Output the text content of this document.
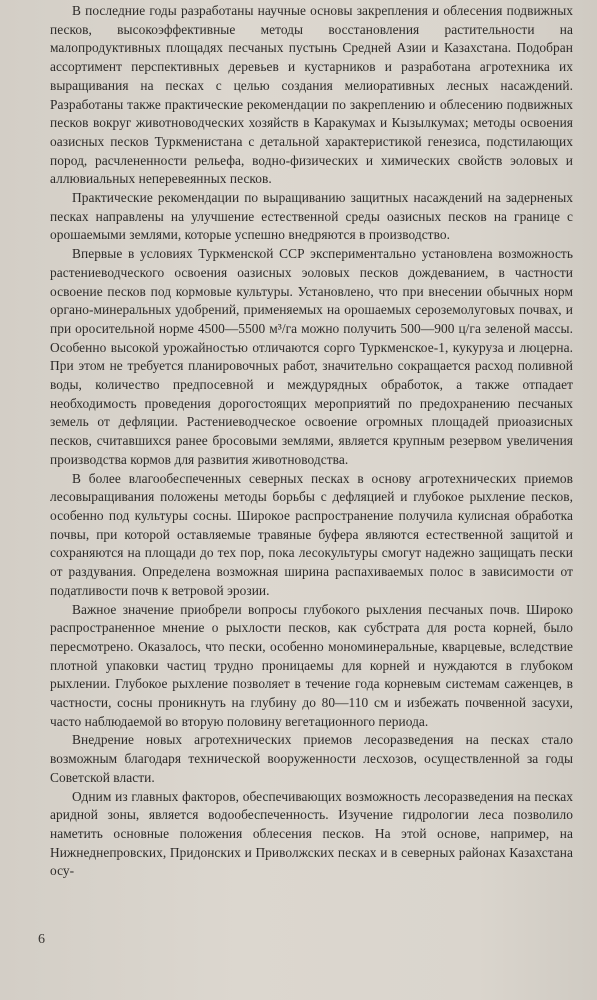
В последние годы разработаны научные основы закрепления и облесения подвижных песков, высокоэффективные методы восстановления растительности на малопродуктивных площадях песчаных пустынь Средней Азии и Казахстана. Подобран ассортимент перспективных деревьев и кустарников и разработана агротехника их выращивания на песках с целью создания мелиоративных лесных насаждений. Разработаны также практические рекомендации по закреплению и облесению подвижных песков вокруг животноводческих хозяйств в Каракумах и Кызылкумах; методы освоения оазисных песков Туркменистана с детальной характеристикой генезиса, подстилающих пород, расчлененности рельефа, водно-физических и химических свойств эоловых и аллювиальных неперевеянных песков.

Практические рекомендации по выращиванию защитных насаждений на задерненых песках направлены на улучшение естественной среды оазисных песков на границе с орошаемыми землями, которые успешно внедряются в производство.

Впервые в условиях Туркменской ССР экспериментально установлена возможность растениеводческого освоения оазисных эоловых песков дождеванием, в частности освоение песков под кормовые культуры. Установлено, что при внесении обычных норм органо-минеральных удобрений, применяемых на орошаемых сероземолуговых почвах, и при оросительной норме 4500—5500 м³/га можно получить 500—900 ц/га зеленой массы. Особенно высокой урожайностью отличаются сорго Туркменское-1, кукуруза и люцерна. При этом не требуется планировочных работ, значительно сокращается расход поливной воды, количество предпосевной и междурядных обработок, а также отпадает необходимость проведения дорогостоящих мероприятий по предохранению песчаных земель от дефляции. Растениеводческое освоение огромных площадей приоазисных песков, считавшихся ранее бросовыми землями, является крупным резервом увеличения производства кормов для развития животноводства.

В более влагообеспеченных северных песках в основу агротехнических приемов лесовыращивания положены методы борьбы с дефляцией и глубокое рыхление песков, особенно под культуры сосны. Широкое распространение получила кулисная обработка почвы, при которой оставляемые травяные буфера являются естественной защитой и сохраняются на площади до тех пор, пока лесокультуры смогут надежно защищать пески от раздувания. Определена возможная ширина распахиваемых полос в зависимости от податливости почв к ветровой эрозии.

Важное значение приобрели вопросы глубокого рыхления песчаных почв. Широко распространенное мнение о рыхлости песков, как субстрата для роста корней, было пересмотрено. Оказалось, что пески, особенно мономинеральные, кварцевые, вследствие плотной упаковки частиц трудно проницаемы для корней и нуждаются в глубоком рыхлении. Глубокое рыхление позволяет в течение года корневым системам саженцев, в частности, сосны проникнуть на глубину до 80—110 см и избежать почвенной засухи, часто наблюдаемой во вторую половину вегетационного периода.

Внедрение новых агротехнических приемов лесоразведения на песках стало возможным благодаря технической вооруженности лесхозов, осуществленной за годы Советской власти.

Одним из главных факторов, обеспечивающих возможность лесоразведения на песках аридной зоны, является водообеспеченность. Изучение гидрологии леса позволило наметить основные положения облесения песков. На этой основе, например, на Нижнеднепровских, Придонских и Приволжских песках и в северных районах Казахстана осу-

6
